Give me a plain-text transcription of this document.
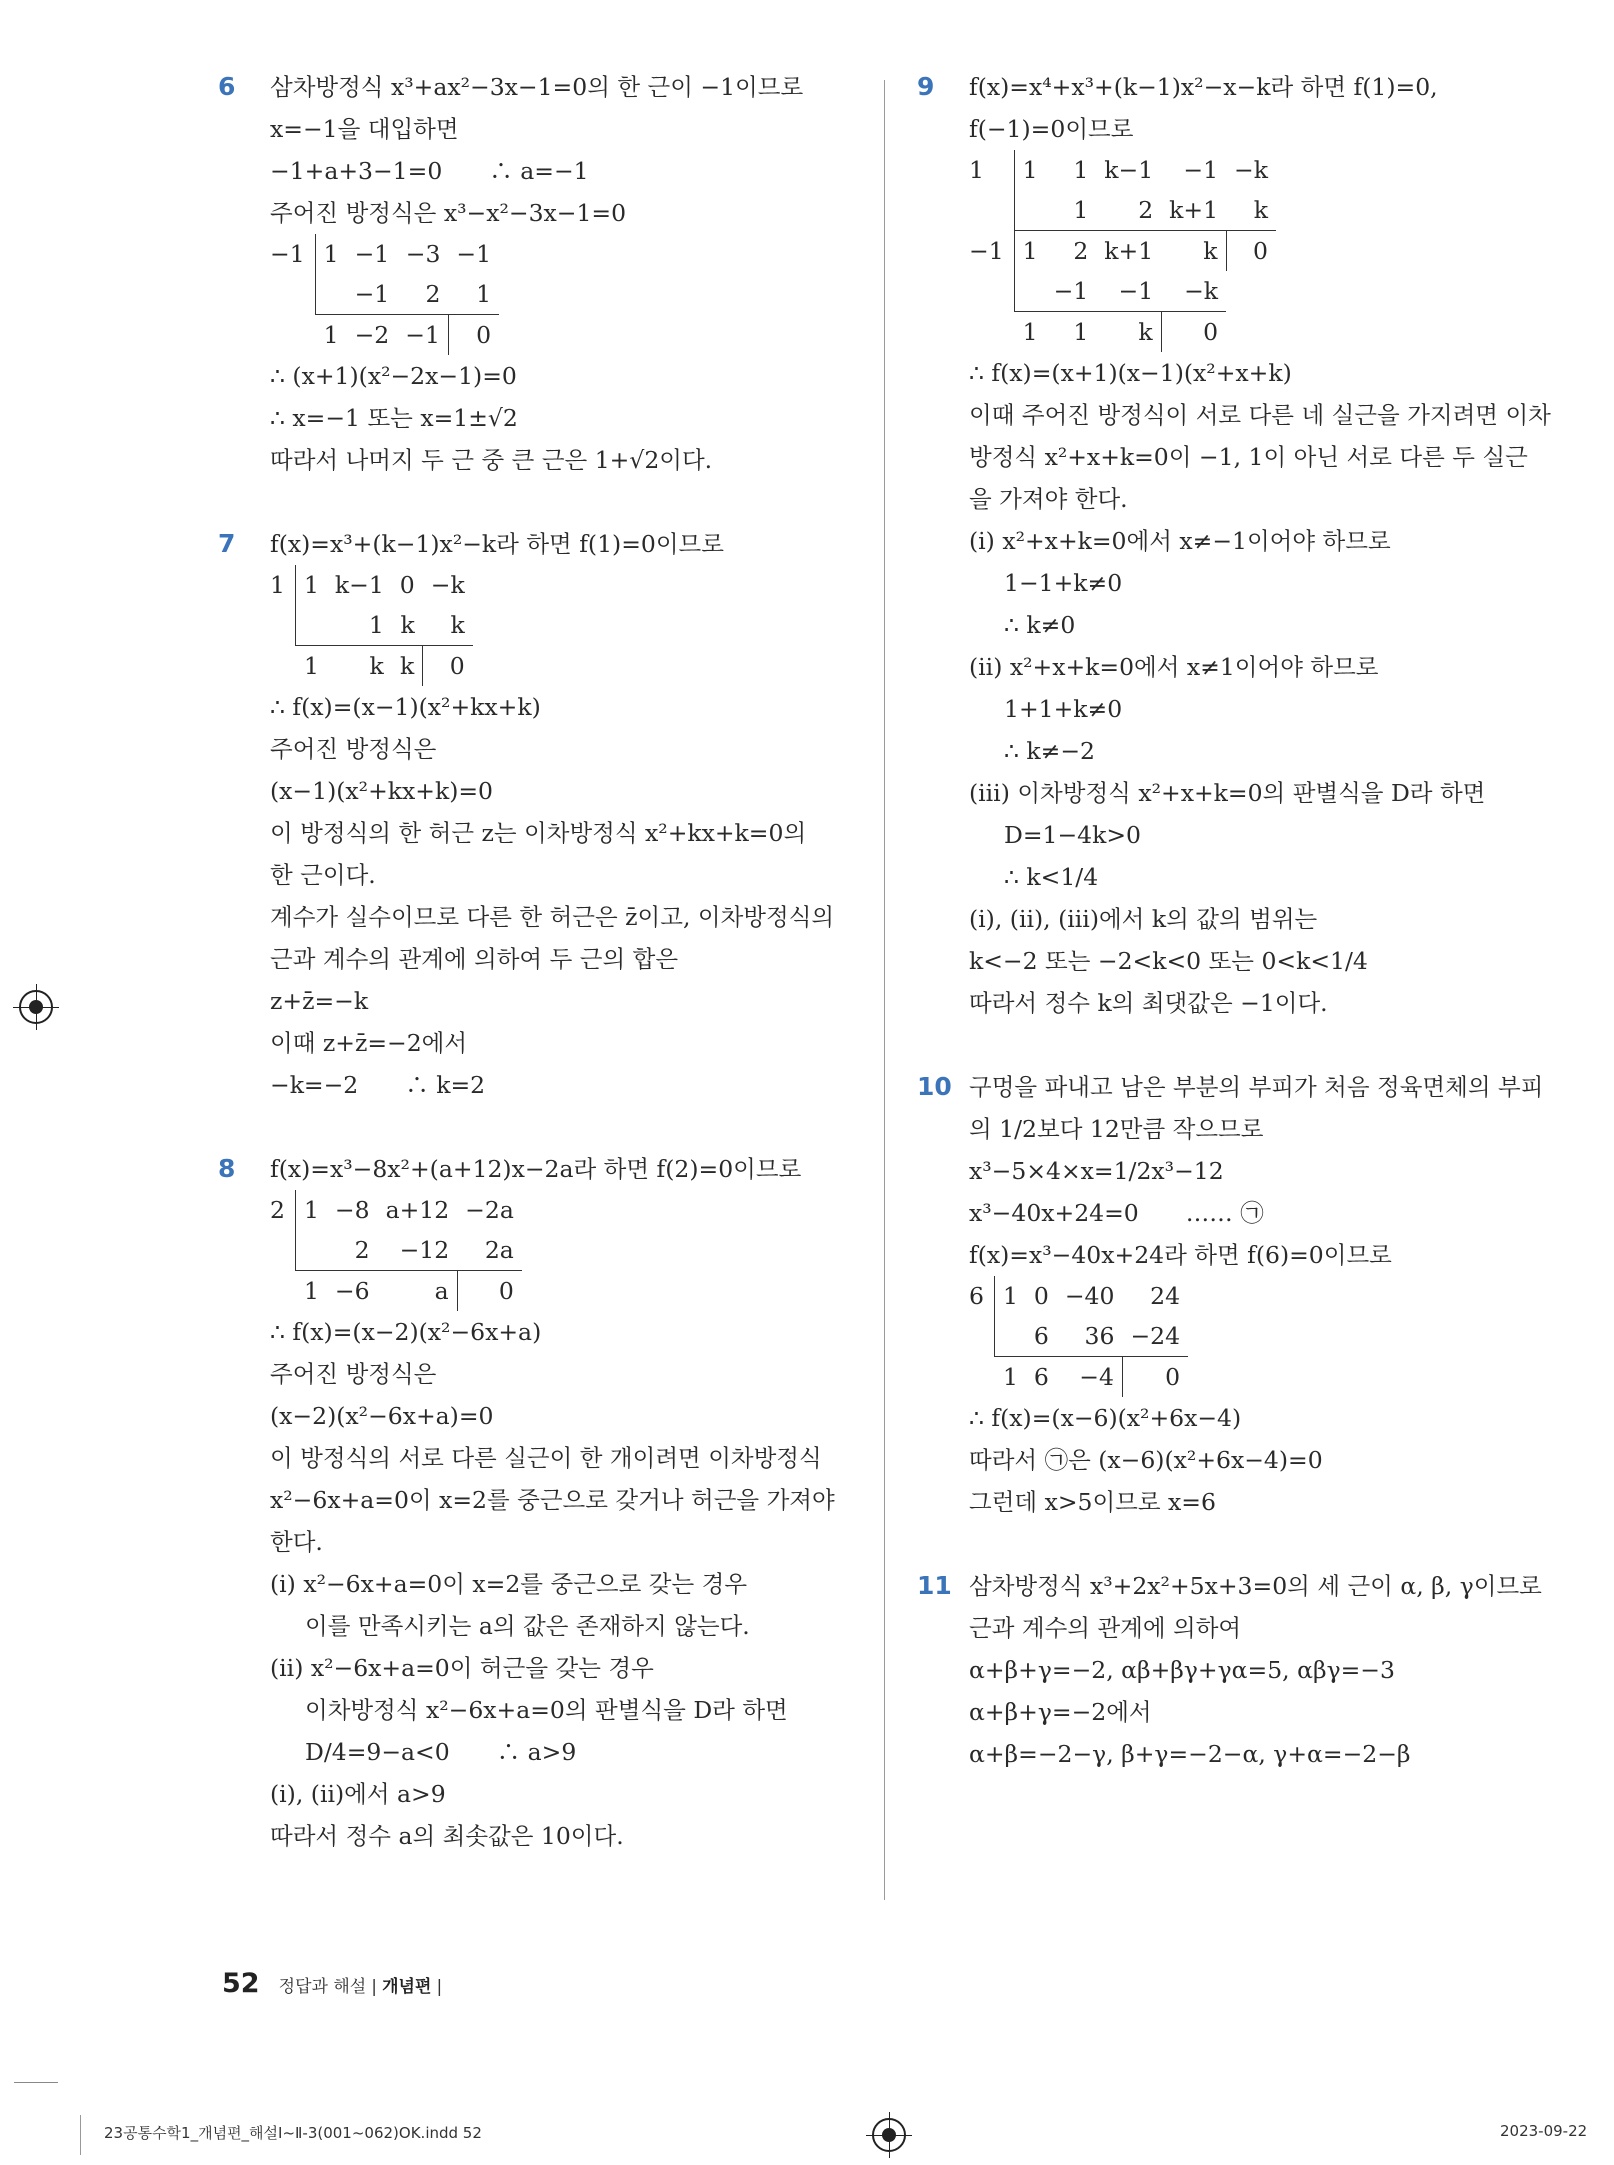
6 삼차방정식 x³+ax²−3x−1=0의 한 근이 −1이므로
x=−1을 대입하면
−1+a+3−1=0　　∴ a=−1
주어진 방정식은 x³−x²−3x−1=0
−1	1	−1	−3	−1
		−1	2	1
	1	−2	−1	0
∴ (x+1)(x²−2x−1)=0
∴ x=−1 또는 x=1±√2
따라서 나머지 두 근 중 큰 근은 1+√2이다.
7 f(x)=x³+(k−1)x²−k라 하면 f(1)=0이므로
1	1	k−1	0	−k
		1	k	k
	1	k	k	0
∴ f(x)=(x−1)(x²+kx+k)
주어진 방정식은
(x−1)(x²+kx+k)=0
이 방정식의 한 허근 z는 이차방정식 x²+kx+k=0의
한 근이다.
계수가 실수이므로 다른 한 허근은 z̄이고, 이차방정식의
근과 계수의 관계에 의하여 두 근의 합은
z+z̄=−k
이때 z+z̄=−2에서
−k=−2　　∴ k=2
8 f(x)=x³−8x²+(a+12)x−2a라 하면 f(2)=0이므로
2	1	−8	a+12	−2a
		2	−12	2a
	1	−6	a	0
∴ f(x)=(x−2)(x²−6x+a)
주어진 방정식은
(x−2)(x²−6x+a)=0
이 방정식의 서로 다른 실근이 한 개이려면 이차방정식
x²−6x+a=0이 x=2를 중근으로 갖거나 허근을 가져야
한다.
(ⅰ) x²−6x+a=0이 x=2를 중근으로 갖는 경우
이를 만족시키는 a의 값은 존재하지 않는다.
(ⅱ) x²−6x+a=0이 허근을 갖는 경우
이차방정식 x²−6x+a=0의 판별식을 D라 하면
D/4=9−a<0　　∴ a>9
(ⅰ), (ⅱ)에서 a>9
따라서 정수 a의 최솟값은 10이다.
9 f(x)=x⁴+x³+(k−1)x²−x−k라 하면 f(1)=0,
f(−1)=0이므로
1	1	1	k−1	−1	−k
		1	2	k+1	k
−1	1	2	k+1	k	0
		−1	−1	−k	
	1	1	k	0	
∴ f(x)=(x+1)(x−1)(x²+x+k)
이때 주어진 방정식이 서로 다른 네 실근을 가지려면 이차
방정식 x²+x+k=0이 −1, 1이 아닌 서로 다른 두 실근
을 가져야 한다.
(ⅰ) x²+x+k=0에서 x≠−1이어야 하므로
1−1+k≠0
∴ k≠0
(ⅱ) x²+x+k=0에서 x≠1이어야 하므로
1+1+k≠0
∴ k≠−2
(ⅲ) 이차방정식 x²+x+k=0의 판별식을 D라 하면
D=1−4k>0
∴ k<1/4
(ⅰ), (ⅱ), (ⅲ)에서 k의 값의 범위는
k<−2 또는 −2<k<0 또는 0<k<1/4
따라서 정수 k의 최댓값은 −1이다.
10 구멍을 파내고 남은 부분의 부피가 처음 정육면체의 부피
의 1/2보다 12만큼 작으므로
x³−5×4×x=1/2x³−12
x³−40x+24=0　　…… ㉠
f(x)=x³−40x+24라 하면 f(6)=0이므로
6	1	0	−40	24
		6	36	−24
	1	6	−4	0
∴ f(x)=(x−6)(x²+6x−4)
따라서 ㉠은 (x−6)(x²+6x−4)=0
그런데 x>5이므로 x=6
11 삼차방정식 x³+2x²+5x+3=0의 세 근이 α, β, γ이므로
근과 계수의 관계에 의하여
α+β+γ=−2, αβ+βγ+γα=5, αβγ=−3
α+β+γ=−2에서
α+β=−2−γ, β+γ=−2−α, γ+α=−2−β
52 정답과 해설 | 개념편 |
23공통수학1_개념편_해설Ⅰ~Ⅱ-3(001~062)OK.indd 52	2023-09-22
